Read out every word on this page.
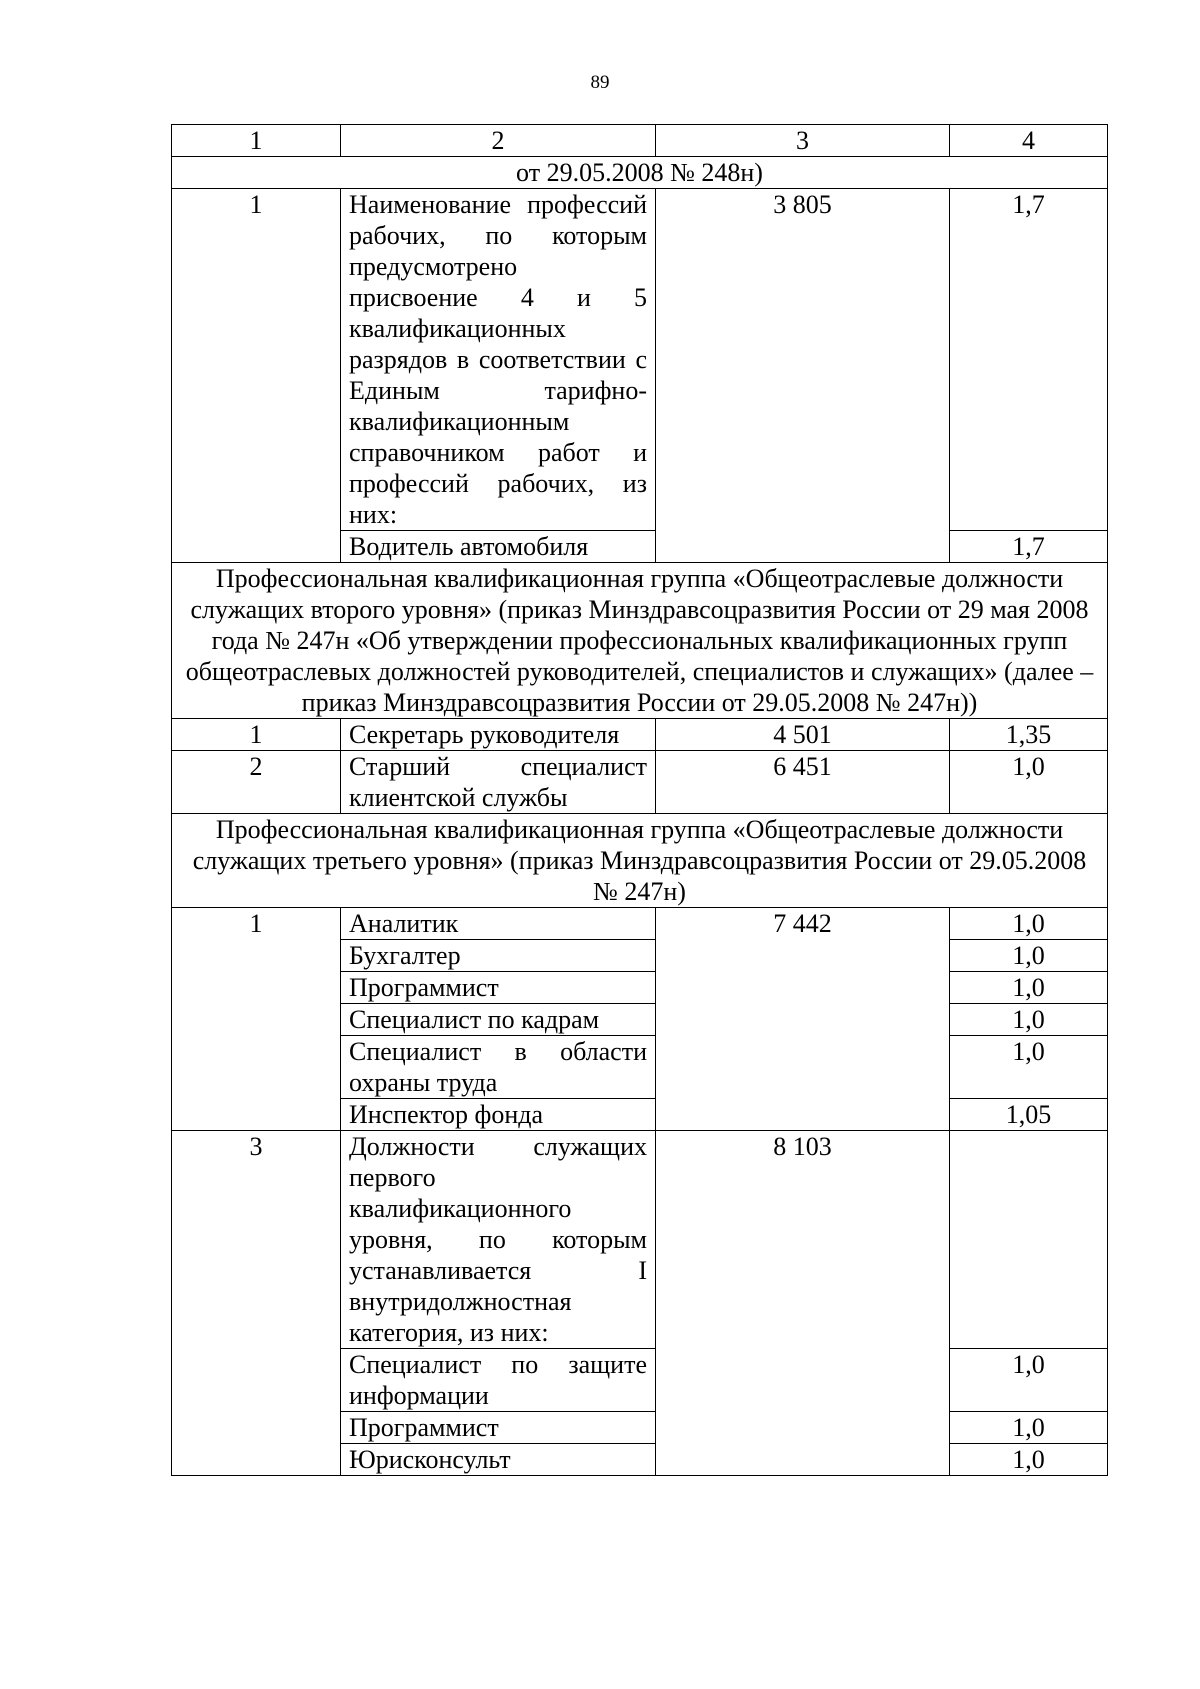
89
1	2	3	4
от 29.05.2008 № 248н)			
1	Наименование профессий рабочих, по которым предусмотрено присвоение 4 и 5 квалификационных разрядов в соответствии с Единым тарифно-квалификационным справочником работ и профессий рабочих, из них:	3 805	1,7
	Водитель автомобиля		1,7
Профессиональная квалификационная группа «Общеотраслевые должности служащих второго уровня» (приказ Минздравсоцразвития России от 29 мая 2008 года № 247н «Об утверждении профессиональных квалификационных групп общеотраслевых должностей руководителей, специалистов и служащих» (далее – приказ Минздравсоцразвития России от 29.05.2008 № 247н))			
1	Секретарь руководителя	4 501	1,35
2	Старший специалист клиентской службы	6 451	1,0
Профессиональная квалификационная группа «Общеотраслевые должности служащих третьего уровня» (приказ Минздравсоцразвития России от 29.05.2008 № 247н)			
1	Аналитик	7 442	1,0
	Бухгалтер		1,0
	Программист		1,0
	Специалист по кадрам		1,0
	Специалист в области охраны труда		1,0
	Инспектор фонда		1,05
3	Должности служащих первого квалификационного уровня, по которым устанавливается I внутридолжностная категория, из них:	8 103	
	Специалист по защите информации		1,0
	Программист		1,0
	Юрисконсульт		1,0
